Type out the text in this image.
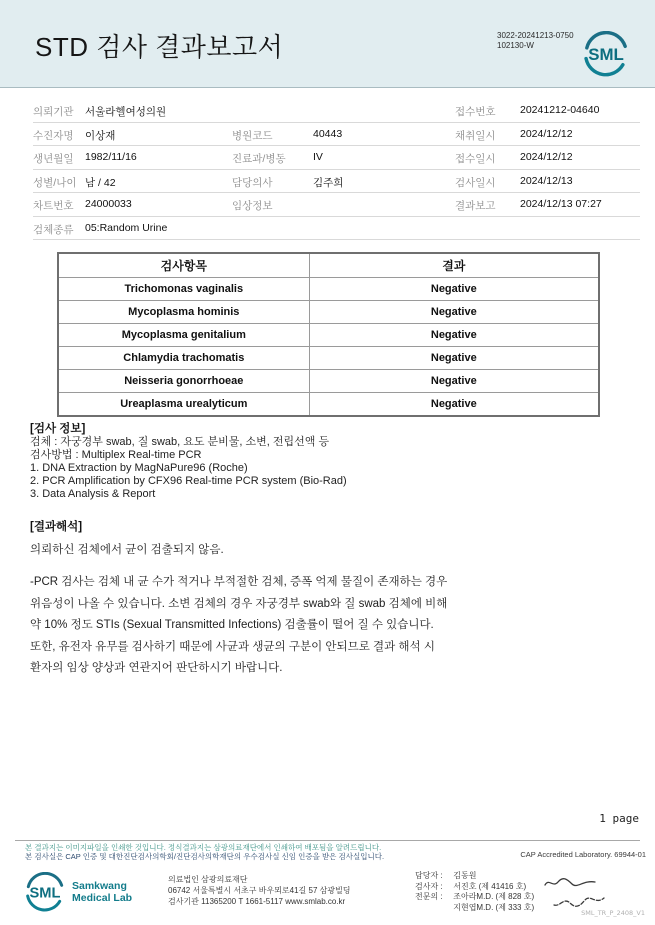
STD 검사 결과보고서	3022-20241213-0750
102130-W	SML
의뢰기관 서울라헬여성의원	접수번호 20241212-04640
수진자명 이상재	병원코드	40443	채취일시 2024/12/12
생년월일 1982/11/16	진료과/병동	IV	접수일시 2024/12/12
성별/나이 남 / 42	담당의사	김주희	검사일시 2024/12/13
차트번호 24000033	임상정보	결과보고 2024/12/13 07:27
검체종류 05:Random Urine
검사항목	결과
Trichomonas vaginalis	Negative
Mycoplasma hominis	Negative
Mycoplasma genitalium	Negative
Chlamydia trachomatis	Negative
Neisseria gonorrhoeae	Negative
Ureaplasma urealyticum	Negative
[검사 정보]
검체 : 자궁경부 swab, 질 swab, 요도 분비물, 소변, 전립선액 등
검사방법 : Multiplex Real-time PCR
1. DNA Extraction by MagNaPure96 (Roche)
2. PCR Amplification by CFX96 Real-time PCR system (Bio-Rad)
3. Data Analysis & Report
[결과해석]
의뢰하신 검체에서 균이 검출되지 않음.
-PCR 검사는 검체 내 균 수가 적거나 부적절한 검체, 증폭 억제 물질이 존재하는 경우
위음성이 나올 수 있습니다. 소변 검체의 경우 자궁경부 swab와 질 swab 검체에 비해
약 10% 정도 STIs (Sexual Transmitted Infections) 검출률이 떨어 질 수 있습니다.
또한, 유전자 유무를 검사하기 때문에 사균과 생균의 구분이 안되므로 결과 해석 시
환자의 임상 양상과 연관지어 판단하시기 바랍니다.
1 page
본 결과지는 이미지파일을 인쇄한 것입니다. 정식결과지는 삼광의료재단에서 인쇄하여 배포됨을 알려드립니다.
본 검사실은 CAP 인증 및 대한진단검사의학회/진단검사의학재단의 우수검사실 신임 인증을 받은 검사실입니다.	CAP Accredited Laboratory. 69944-01
SML Samkwang
Medical Lab
의료법인 삼광의료재단
06742 서울특별시 서초구 바우뫼로41길 57 삼광빌딩
검사기관 11365200 T 1661-5117 www.smlab.co.kr
담당자 : 김동원
검사자 : 서진호 (제 41416 호)
전문의 : 조아라M.D. (제 828 호)
지현엽M.D. (제 333 호)
SML_TR_P_2408_V1
